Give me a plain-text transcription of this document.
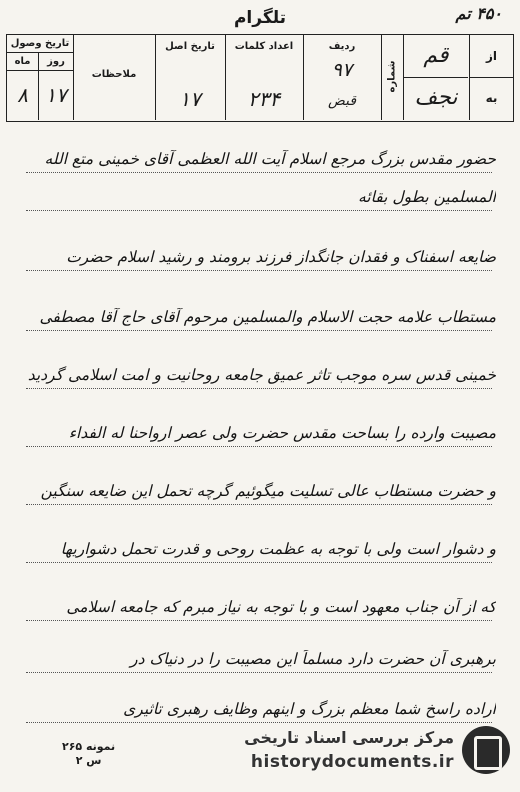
۴۵۰ تم
تلگرام
تاریخ وصول
ماه	روز
۸ ۱۷
ملاحظات
تاریخ اصل
۱۷
اعداد کلمات
۲۳۴
ردیف
۹۷
قبض
شماره
قم
نجف
از
به
حضور مقدس بزرگ مرجع اسلام آیت الله العظمی آقای خمینی متع الله
المسلمین بطول بقائه
ضایعه اسفناک و فقدان جانگداز فرزند برومند و رشید اسلام حضرت
مستطاب علامه حجت الاسلام والمسلمین مرحوم آقای حاج آقا مصطفی
خمینی قدس سره موجب تاثر عمیق جامعه روحانیت و امت اسلامی گردید
مصیبت وارده را بساحت مقدس حضرت ولی عصر ارواحنا له الفداء
و حضرت مستطاب عالی تسلیت میگوئیم گرچه تحمل این ضایعه سنگین
و دشوار است ولی با توجه به عظمت روحی و قدرت تحمل دشواریها
که از آن جناب معهود است و با توجه به نیاز مبرم که جامعه اسلامی
برهبری آن حضرت دارد مسلماً این مصیبت را در دنیاک در
اراده راسخ شما معظم بزرگ و اینهم وظایف رهبری تاثیری
نمونه ۲۶۵
س ۲
مرکز بررسی اسناد تاریخی
historydocuments.ir
